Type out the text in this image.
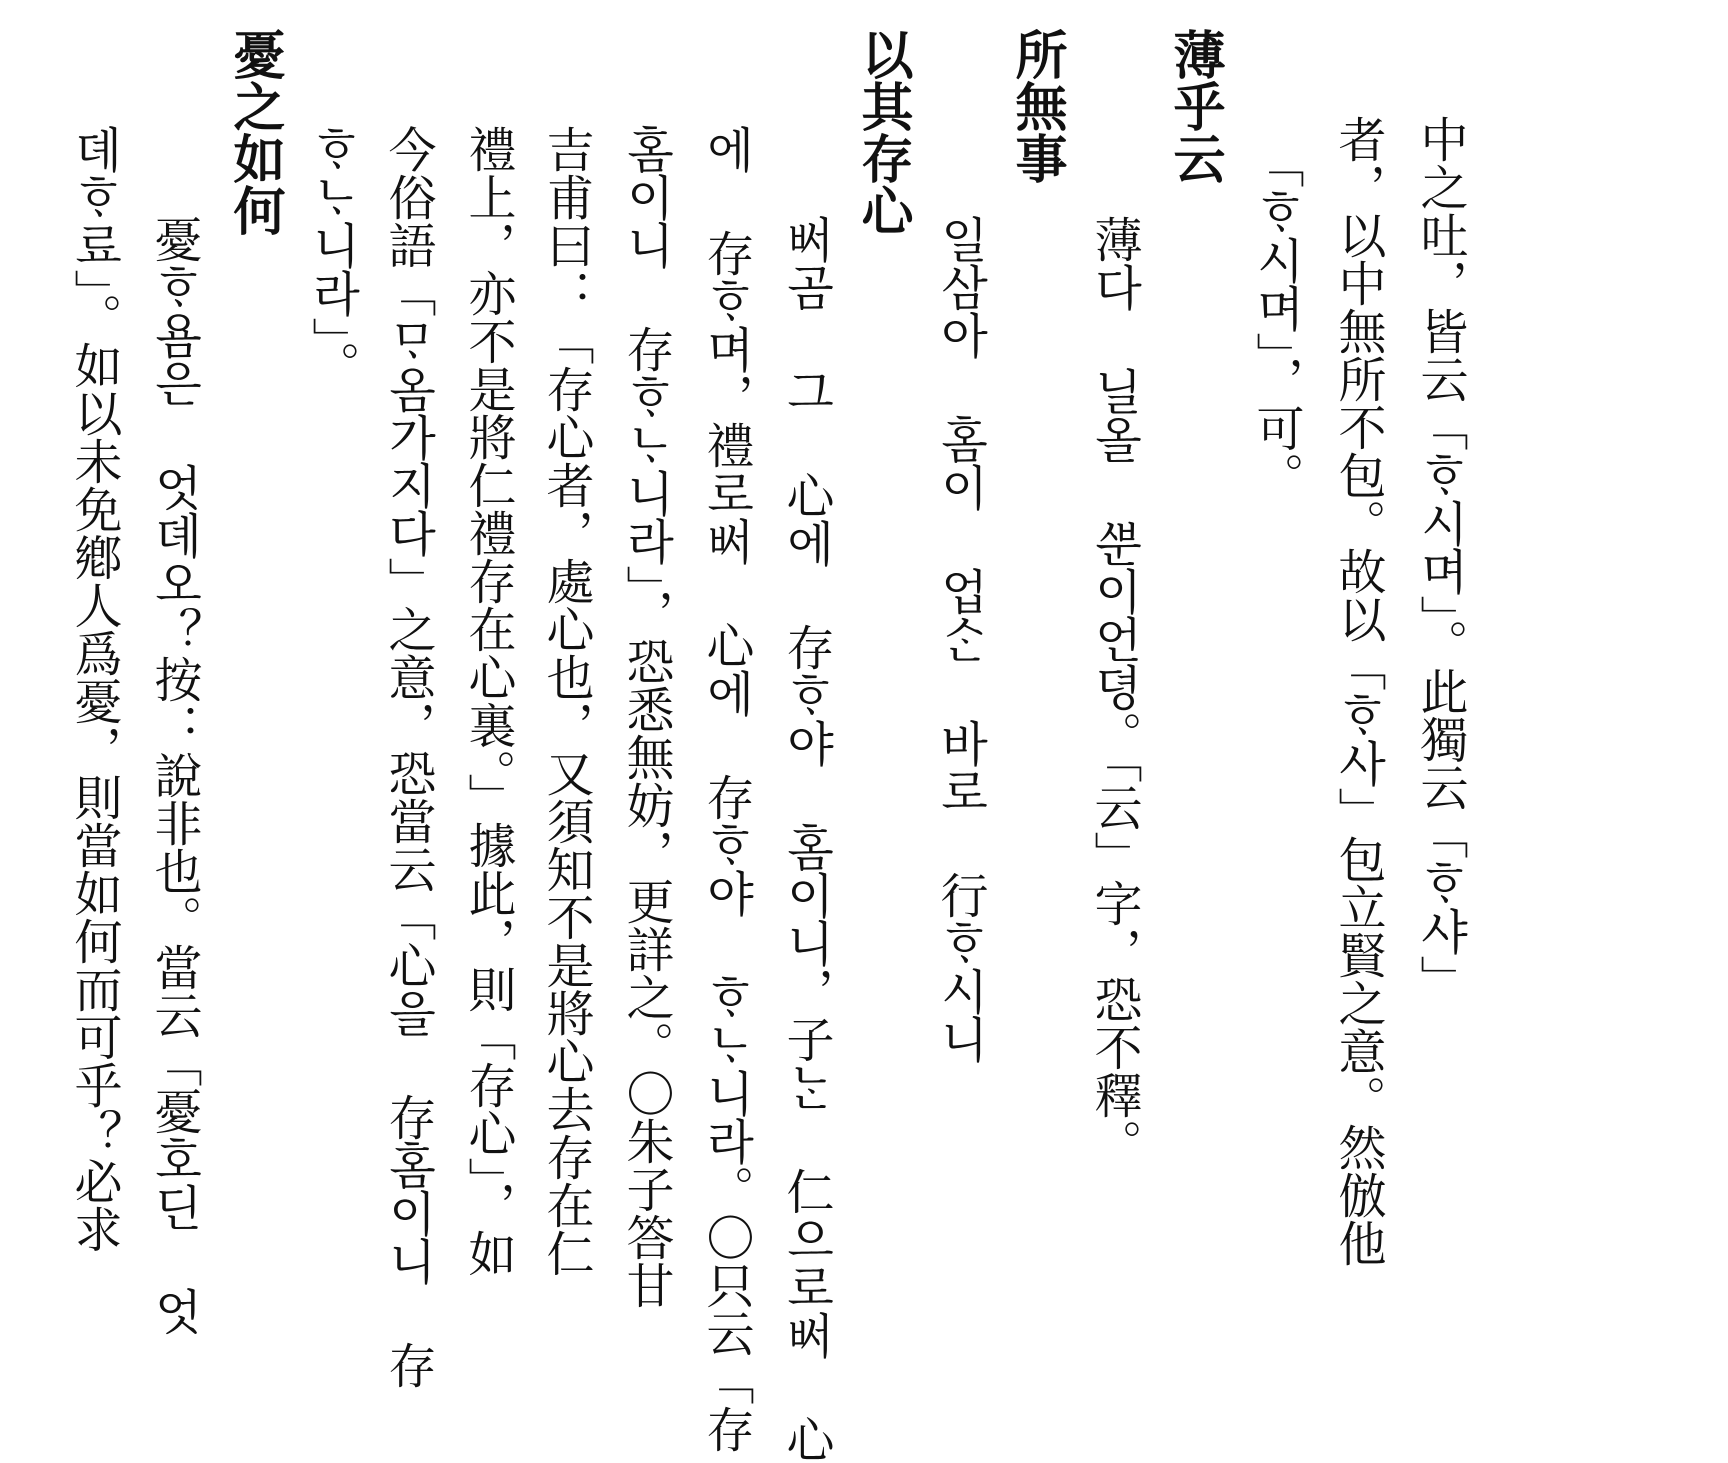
中之吐，皆云「ᄒᆞ시며」。此獨云「ᄒᆞ샤」
者，以中無所不包。故以「ᄒᆞ사」包立賢之意。然倣他
「ᄒᆞ시며」，可。
薄乎云
薄다 닐올 ᄲᅮᆫ이언뎡。「云」字，恐不釋。
所無事
일삼아 홈이 업ᄉᆞᆫ 바로 行ᄒᆞ시니
以其存心
ᄡᅥ곰 그 心에 存ᄒᆞ야 홈이니，子ᄂᆞᆫ 仁으로ᄡᅥ 心
에 存ᄒᆞ며，禮로ᄡᅥ 心에 存ᄒᆞ야 ᄒᆞᄂᆞ니라。〇只云「存
홈이니 存ᄒᆞᄂᆞ니라」，恐悉無妨，更詳之。〇朱子答甘
吉甫曰：「存心者，處心也，又須知不是將心去存在仁
禮上，亦不是將仁禮存在心裏。」據此，則「存心」，如
今俗語「ᄆᆞ옴가지다」之意，恐當云「心을 存홈이니 存
ᄒᆞᄂᆞ니라」。
憂之如何
憂ᄒᆞ욤은 엇뎨오？按：說非也。當云「憂호딘 엇
뎨ᄒᆞ료」。如以未免鄕人爲憂，則當如何而可乎？必求
